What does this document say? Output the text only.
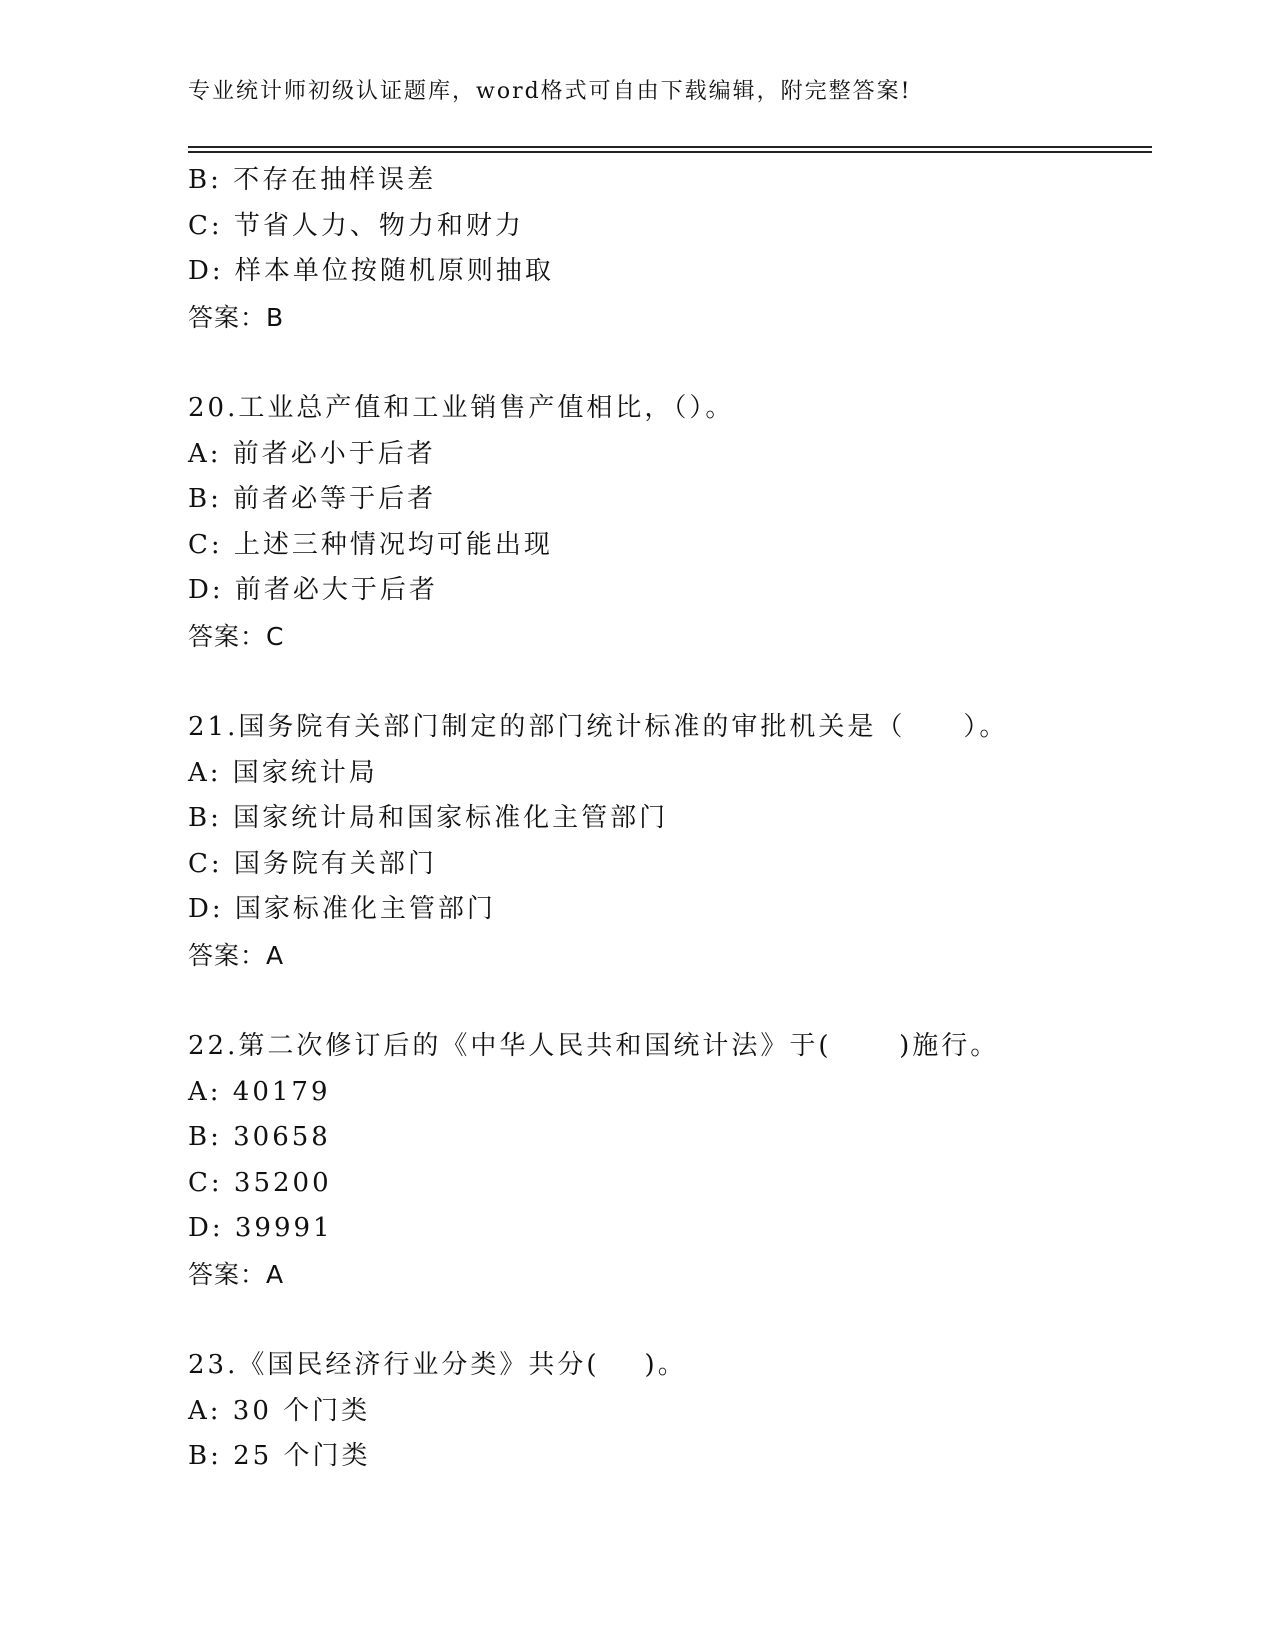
专业统计师初级认证题库，word格式可自由下载编辑，附完整答案!
B: 不存在抽样误差
C: 节省人力、物力和财力
D: 样本单位按随机原则抽取
答案：B
20.工业总产值和工业销售产值相比，（）。
A: 前者必小于后者
B: 前者必等于后者
C: 上述三种情况均可能出现
D: 前者必大于后者
答案：C
21.国务院有关部门制定的部门统计标准的审批机关是（　　）。
A: 国家统计局
B: 国家统计局和国家标准化主管部门
C: 国务院有关部门
D: 国家标准化主管部门
答案：A
22.第二次修订后的《中华人民共和国统计法》于(      )施行。
A: 40179
B: 30658
C: 35200
D: 39991
答案：A
23.《国民经济行业分类》共分(    )。
A: 30 个门类
B: 25 个门类
